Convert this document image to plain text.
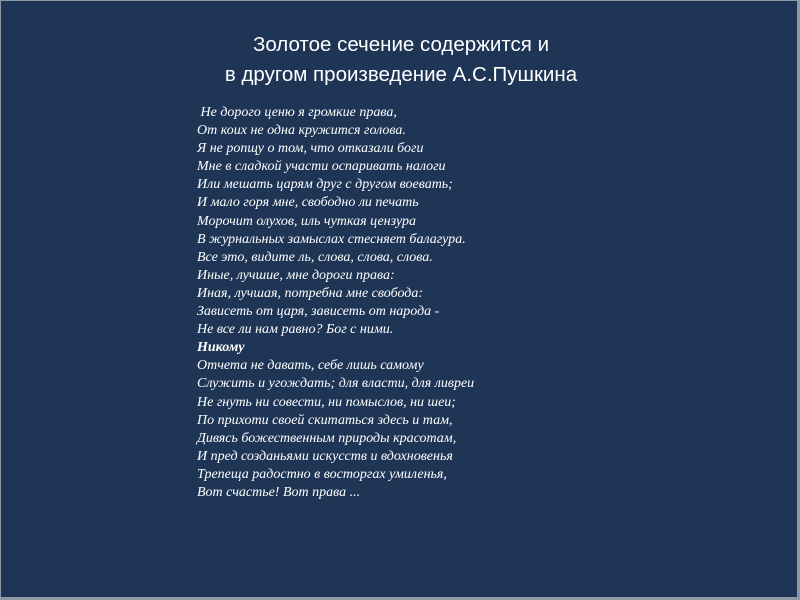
Золотое сечение содержится и
в другом произведение А.С.Пушкина
Не дорого ценю я громкие права,
От коих не одна кружится голова.
Я не ропщу о том, что отказали боги
Мне в сладкой участи оспаривать налоги
Или мешать царям друг с другом воевать;
И мало горя мне, свободно ли печать
Морочит олухов, иль чуткая цензура
В журнальных замыслах стесняет балагура.
Все это, видите ль, слова, слова, слова.
Иные, лучшие, мне дороги права:
Иная, лучшая, потребна мне свобода:
Зависеть от царя, зависеть от народа -
Не все ли нам равно? Бог с ними.
Никому
Отчета не давать, себе лишь самому
Служить и угождать; для власти, для ливреи
Не гнуть ни совести, ни помыслов, ни шеи;
По прихоти своей скитаться здесь и там,
Дивясь божественным природы красотам,
И пред созданьями искусств и вдохновенья
Трепеща радостно в восторгах умиленья,
Вот счастье! Вот права ...
